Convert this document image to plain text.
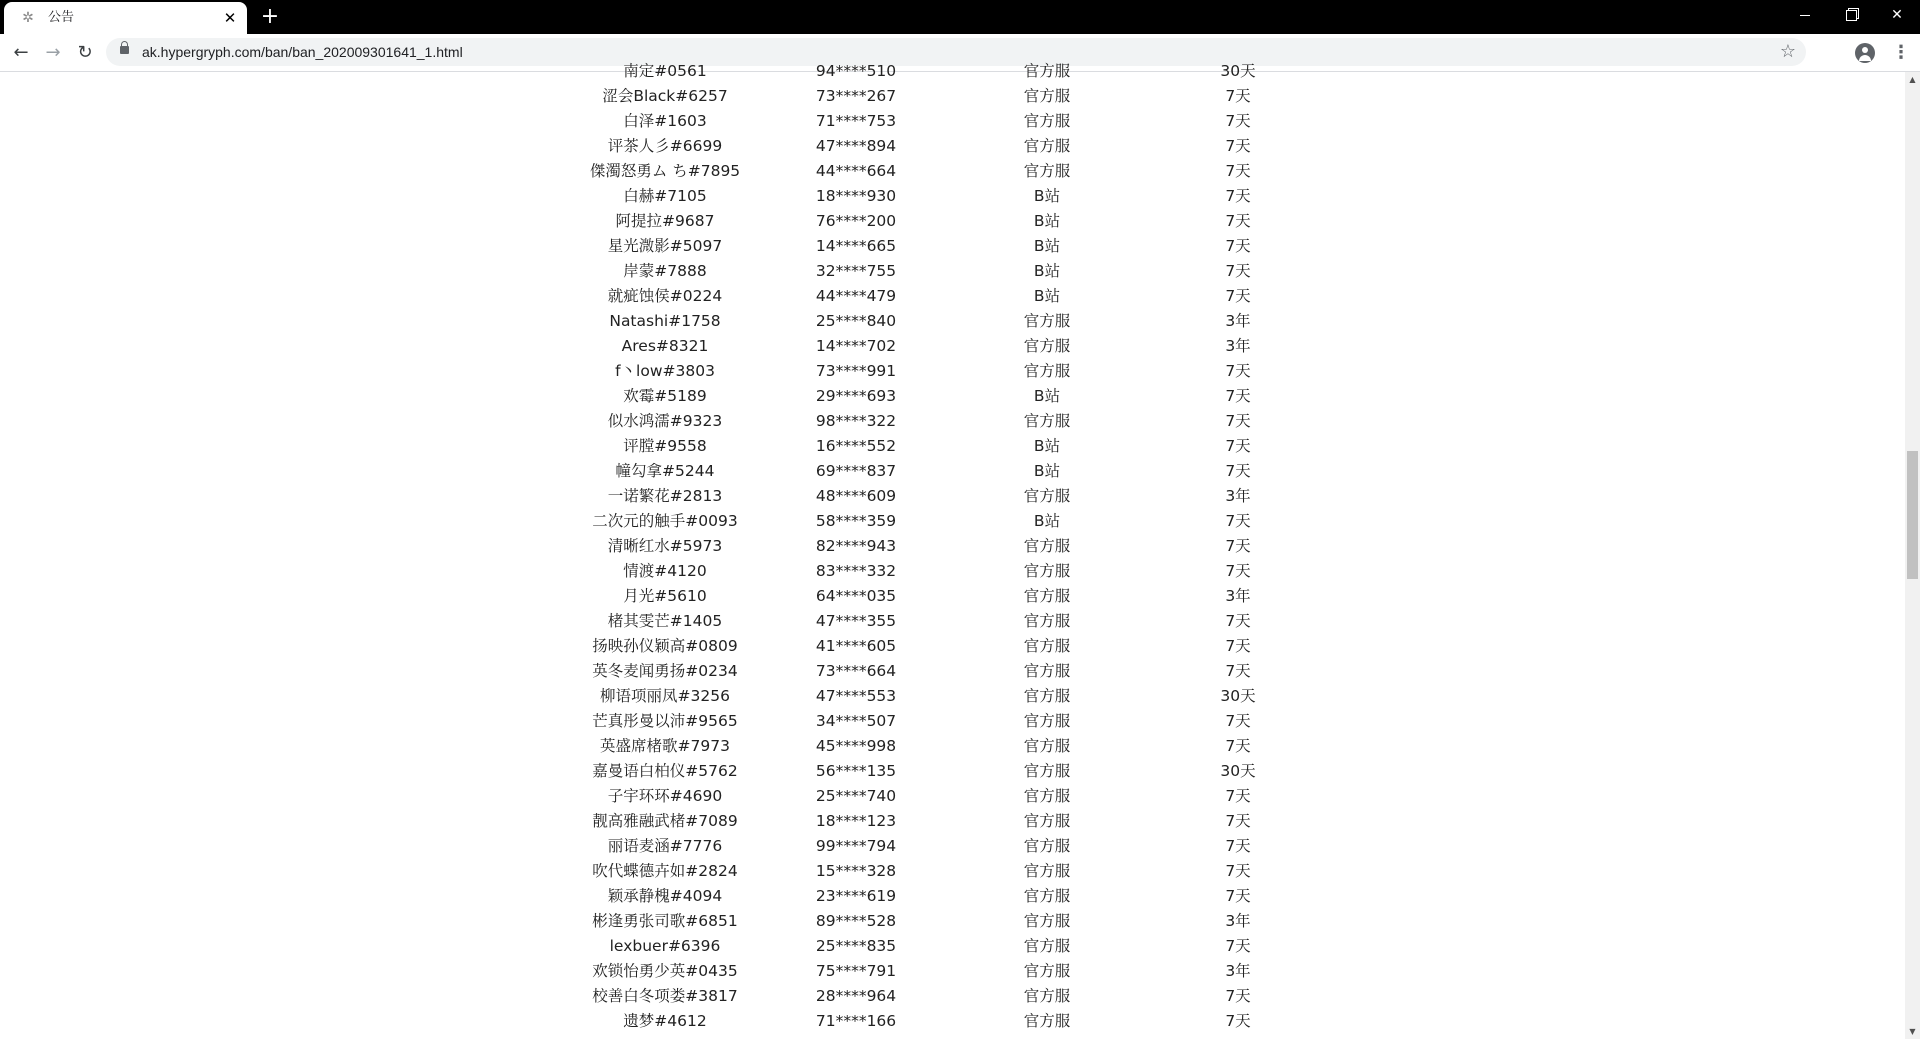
✲ 公告	✕ +	✕
← → ↻	ak.hypergryph.com/ban/ban_202009301641_1.html	☆	⋮
南定#0561	94****510	官方服	30天
涩会Black#6257	73****267	官方服	7天
白泽#1603	71****753	官方服	7天
评茶人彡#6699	47****894	官方服	7天
傑濁怒勇ム ち#7895	44****664	官方服	7天
白赫#7105	18****930	B站	7天
阿提拉#9687	76****200	B站	7天
星光溦影#5097	14****665	B站	7天
岸蒙#7888	32****755	B站	7天
就疵蚀侯#0224	44****479	B站	7天
Natashi#1758	25****840	官方服	3年
Ares#8321	14****702	官方服	3年
f丶low#3803	73****991	官方服	7天
欢霉#5189	29****693	B站	7天
似水鸿濡#9323	98****322	官方服	7天
评膛#9558	16****552	B站	7天
幢勾拿#5244	69****837	B站	7天
一诺繁花#2813	48****609	官方服	3年
二次元的触手#0093	58****359	B站	7天
清晰红水#5973	82****943	官方服	7天
情渡#4120	83****332	官方服	7天
月光#5610	64****035	官方服	3年
楮其雯芒#1405	47****355	官方服	7天
扬映孙仪颖高#0809	41****605	官方服	7天
英冬麦闻勇扬#0234	73****664	官方服	7天
柳语项丽凤#3256	47****553	官方服	30天
芒真彤曼以沛#9565	34****507	官方服	7天
英盛席楮歌#7973	45****998	官方服	7天
嘉曼语白柏仪#5762	56****135	官方服	30天
子宇环环#4690	25****740	官方服	7天
靓高雅融武楮#7089	18****123	官方服	7天
丽语麦涵#7776	99****794	官方服	7天
吹代蝶德卉如#2824	15****328	官方服	7天
颖承静槐#4094	23****619	官方服	7天
彬逢勇张司歌#6851	89****528	官方服	3年
lexbuer#6396	25****835	官方服	7天
欢锁怡勇少英#0435	75****791	官方服	3年
校善白冬项娄#3817	28****964	官方服	7天
遗梦#4612	71****166	官方服	7天
▲
▼
